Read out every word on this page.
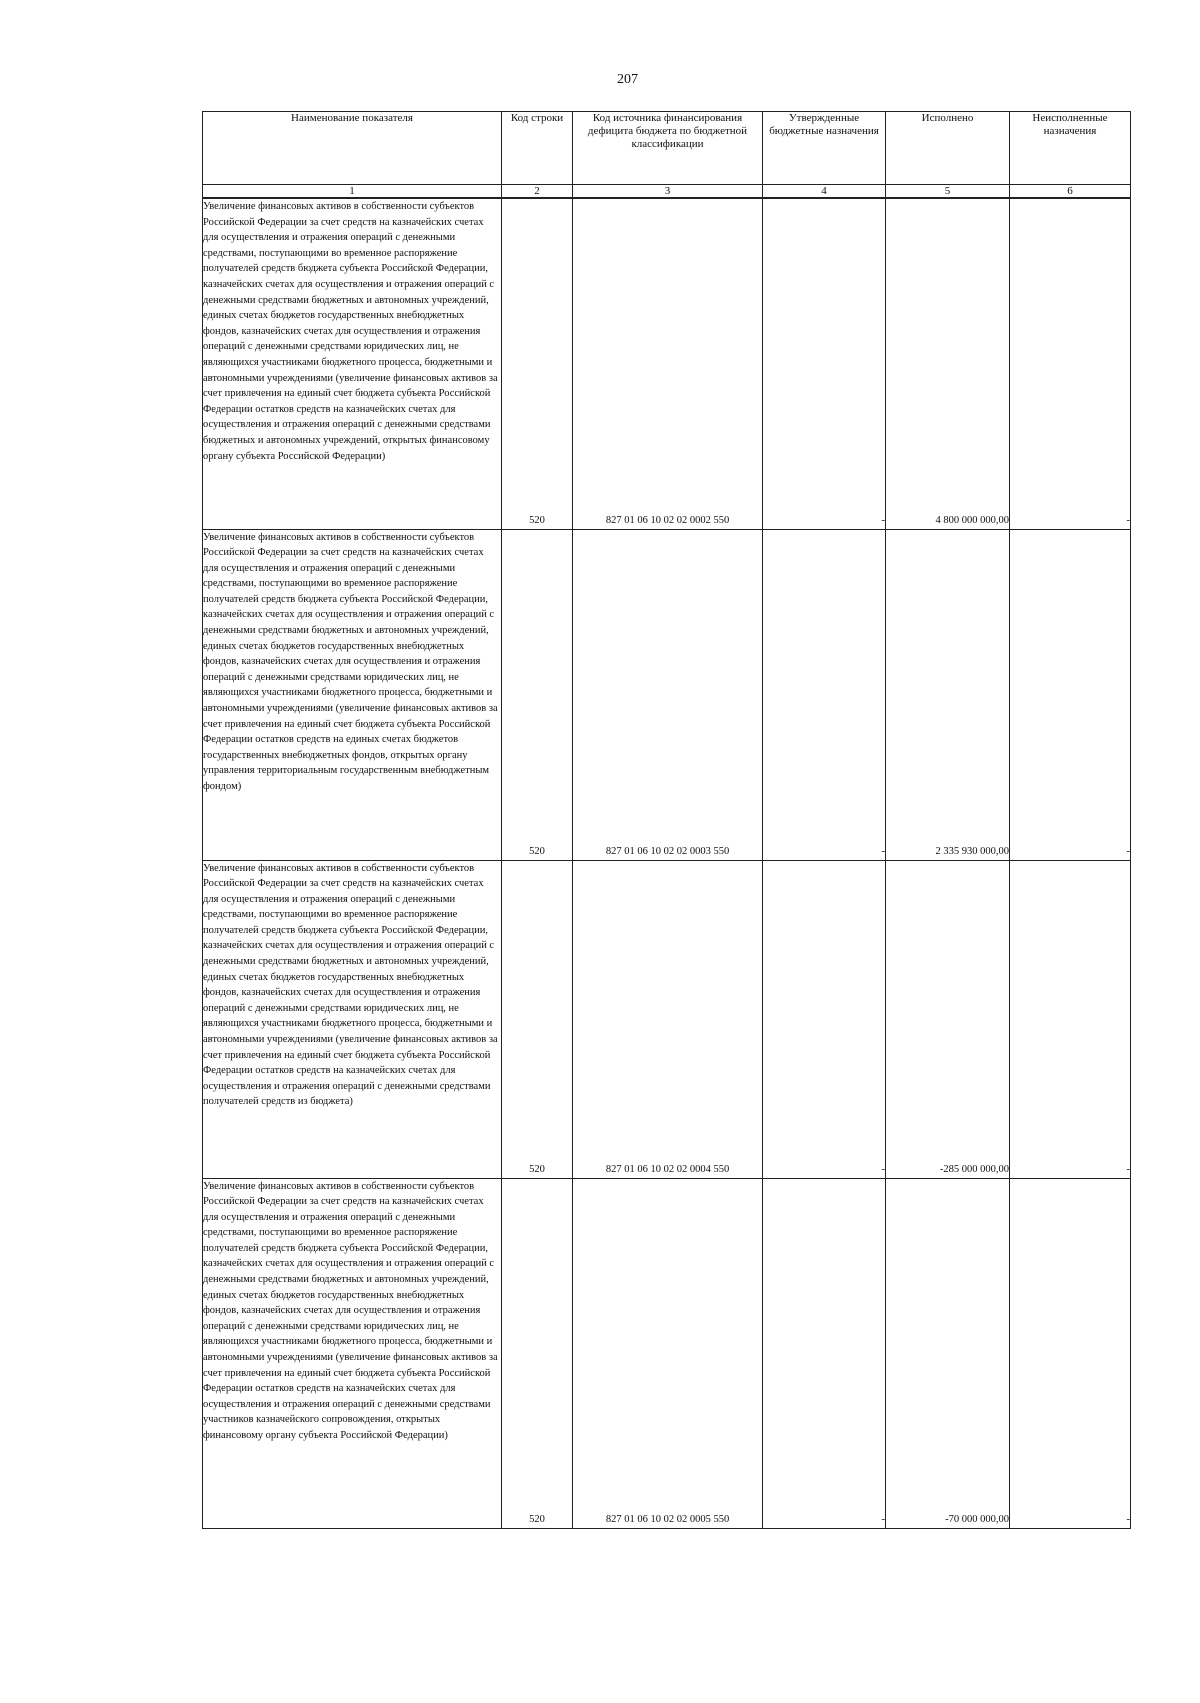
207
Наименование показателя	Код строки	Код источника финансирования дефицита бюджета по бюджетной классификации	Утвержденные бюджетные назначения	Исполнено	Неисполненные назначения
1	2	3	4	5	6
Увеличение финансовых активов в собственности субъектов Российской Федерации за счет средств на казначейских счетах для осуществления и отражения операций с денежными средствами, поступающими во временное распоряжение получателей средств бюджета субъекта Российской Федерации, казначейских счетах для осуществления и отражения операций с денежными средствами бюджетных и автономных учреждений, единых счетах бюджетов государственных внебюджетных фондов, казначейских счетах для осуществления и отражения операций с денежными средствами юридических лиц, не являющихся участниками бюджетного процесса, бюджетными и автономными учреждениями (увеличение финансовых активов за счет привлечения на единый счет бюджета субъекта Российской Федерации остатков средств на казначейских счетах для осуществления и отражения операций с денежными средствами бюджетных и автономных учреждений, открытых финансовому органу субъекта Российской Федерации)	520	827 01 06 10 02 02 0002 550	-	4 800 000 000,00	-
Увеличение финансовых активов в собственности субъектов Российской Федерации за счет средств на казначейских счетах для осуществления и отражения операций с денежными средствами, поступающими во временное распоряжение получателей средств бюджета субъекта Российской Федерации, казначейских счетах для осуществления и отражения операций с денежными средствами бюджетных и автономных учреждений, единых счетах бюджетов государственных внебюджетных фондов, казначейских счетах для осуществления и отражения операций с денежными средствами юридических лиц, не являющихся участниками бюджетного процесса, бюджетными и автономными учреждениями (увеличение финансовых активов за счет привлечения на единый счет бюджета субъекта Российской Федерации остатков средств на единых счетах бюджетов государственных внебюджетных фондов, открытых органу управления территориальным государственным внебюджетным фондом)	520	827 01 06 10 02 02 0003 550	-	2 335 930 000,00	-
Увеличение финансовых активов в собственности субъектов Российской Федерации за счет средств на казначейских счетах для осуществления и отражения операций с денежными средствами, поступающими во временное распоряжение получателей средств бюджета субъекта Российской Федерации, казначейских счетах для осуществления и отражения операций с денежными средствами бюджетных и автономных учреждений, единых счетах бюджетов государственных внебюджетных фондов, казначейских счетах для осуществления и отражения операций с денежными средствами юридических лиц, не являющихся участниками бюджетного процесса, бюджетными и автономными учреждениями (увеличение финансовых активов за счет привлечения на единый счет бюджета субъекта Российской Федерации остатков средств на казначейских счетах для осуществления и отражения операций с денежными средствами получателей средств из бюджета)	520	827 01 06 10 02 02 0004 550	-	-285 000 000,00	-
Увеличение финансовых активов в собственности субъектов Российской Федерации за счет средств на казначейских счетах для осуществления и отражения операций с денежными средствами, поступающими во временное распоряжение получателей средств бюджета субъекта Российской Федерации, казначейских счетах для осуществления и отражения операций с денежными средствами бюджетных и автономных учреждений, единых счетах бюджетов государственных внебюджетных фондов, казначейских счетах для осуществления и отражения операций с денежными средствами юридических лиц, не являющихся участниками бюджетного процесса, бюджетными и автономными учреждениями (увеличение финансовых активов за счет привлечения на единый счет бюджета субъекта Российской Федерации остатков средств на казначейских счетах для осуществления и отражения операций с денежными средствами участников казначейского сопровождения, открытых финансовому органу субъекта Российской Федерации)	520	827 01 06 10 02 02 0005 550	-	-70 000 000,00	-
